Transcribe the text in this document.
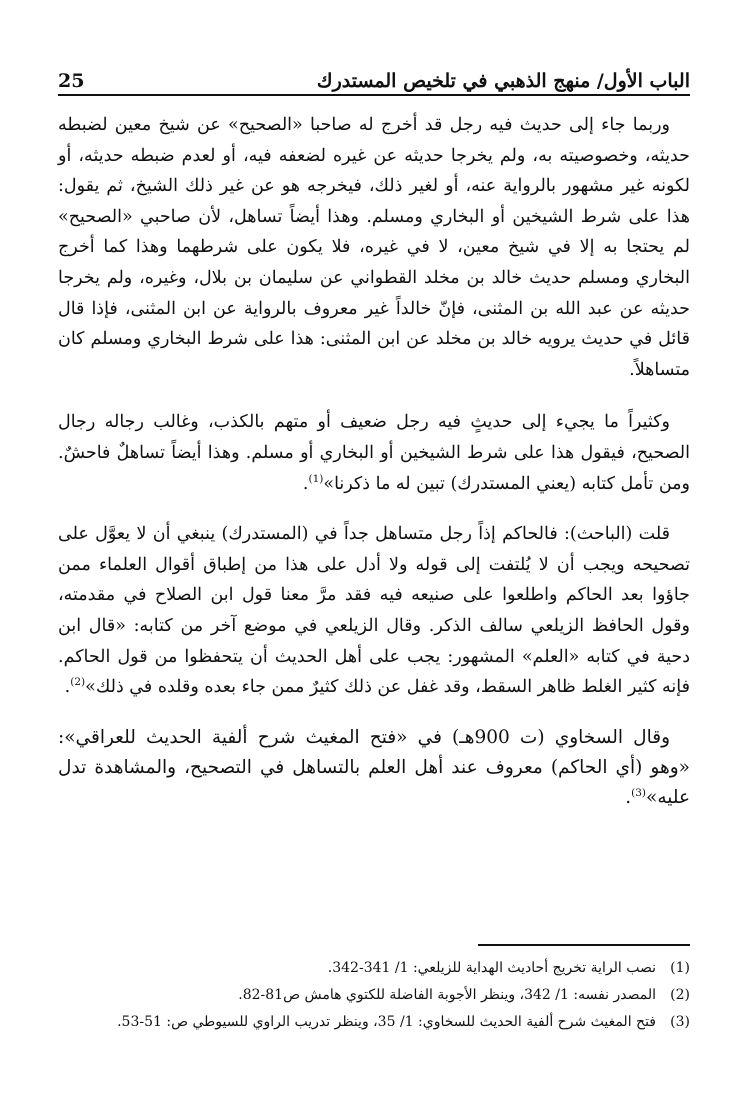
الباب الأول/ منهج الذهبي في تلخيص المستدرك
25

وربما جاء إلى حديث فيه رجل قد أخرج له صاحبا «الصحيح» عن شيخ معين لضبطه حديثه، وخصوصيته به، ولم يخرجا حديثه عن غيره لضعفه فيه، أو لعدم ضبطه حديثه، أو لكونه غير مشهور بالرواية عنه، أو لغير ذلك، فيخرجه هو عن غير ذلك الشيخ، ثم يقول: هذا على شرط الشيخين أو البخاري ومسلم. وهذا أيضاً تساهل، لأن صاحبي «الصحيح» لم يحتجا به إلا في شيخ معين، لا في غيره، فلا يكون على شرطهما وهذا كما أخرج البخاري ومسلم حديث خالد بن مخلد القطواني عن سليمان بن بلال، وغيره، ولم يخرجا حديثه عن عبد الله بن المثنى، فإنّ خالداً غير معروف بالرواية عن ابن المثنى، فإذا قال قائل في حديث يرويه خالد بن مخلد عن ابن المثنى: هذا على شرط البخاري ومسلم كان متساهلاً.

وكثيراً ما يجيء إلى حديثٍ فيه رجل ضعيف أو متهم بالكذب، وغالب رجاله رجال الصحيح، فيقول هذا على شرط الشيخين أو البخاري أو مسلم. وهذا أيضاً تساهلٌ فاحشٌ. ومن تأمل كتابه (يعني المستدرك) تبين له ما ذكرنا»$^{(1)}$.

قلت (الباحث): فالحاكم إذاً رجل متساهل جداً في (المستدرك) ينبغي أن لا يعوَّل على تصحيحه ويجب أن لا يُلتفت إلى قوله ولا أدل على هذا من إطباق أقوال العلماء ممن جاؤوا بعد الحاكم واطلعوا على صنيعه فيه فقد مرَّ معنا قول ابن الصلاح في مقدمته، وقول الحافظ الزيلعي سالف الذكر. وقال الزيلعي في موضع آخر من كتابه: «قال ابن دحية في كتابه «العلم» المشهور: يجب على أهل الحديث أن يتحفظوا من قول الحاكم. فإنه كثير الغلط ظاهر السقط، وقد غفل عن ذلك كثيرٌ ممن جاء بعده وقلده في ذلك»$^{(2)}$.

وقال السخاوي (ت 900هـ) في «فتح المغيث شرح ألفية الحديث للعراقي»: «وهو (أي الحاكم) معروف عند أهل العلم بالتساهل في التصحيح، والمشاهدة تدل عليه»$^{(3)}$.

(1)
نصب الراية تخريج أحاديث الهداية للزيلعي: 1/ 341-342.
(2)
المصدر نفسه: 1/ 342، وينظر الأجوبة الفاضلة للكتوي هامش ص81-82.
(3)
فتح المغيث شرح ألفية الحديث للسخاوي: 1/ 35، وينظر تدريب الراوي للسيوطي ص: 51-53.
